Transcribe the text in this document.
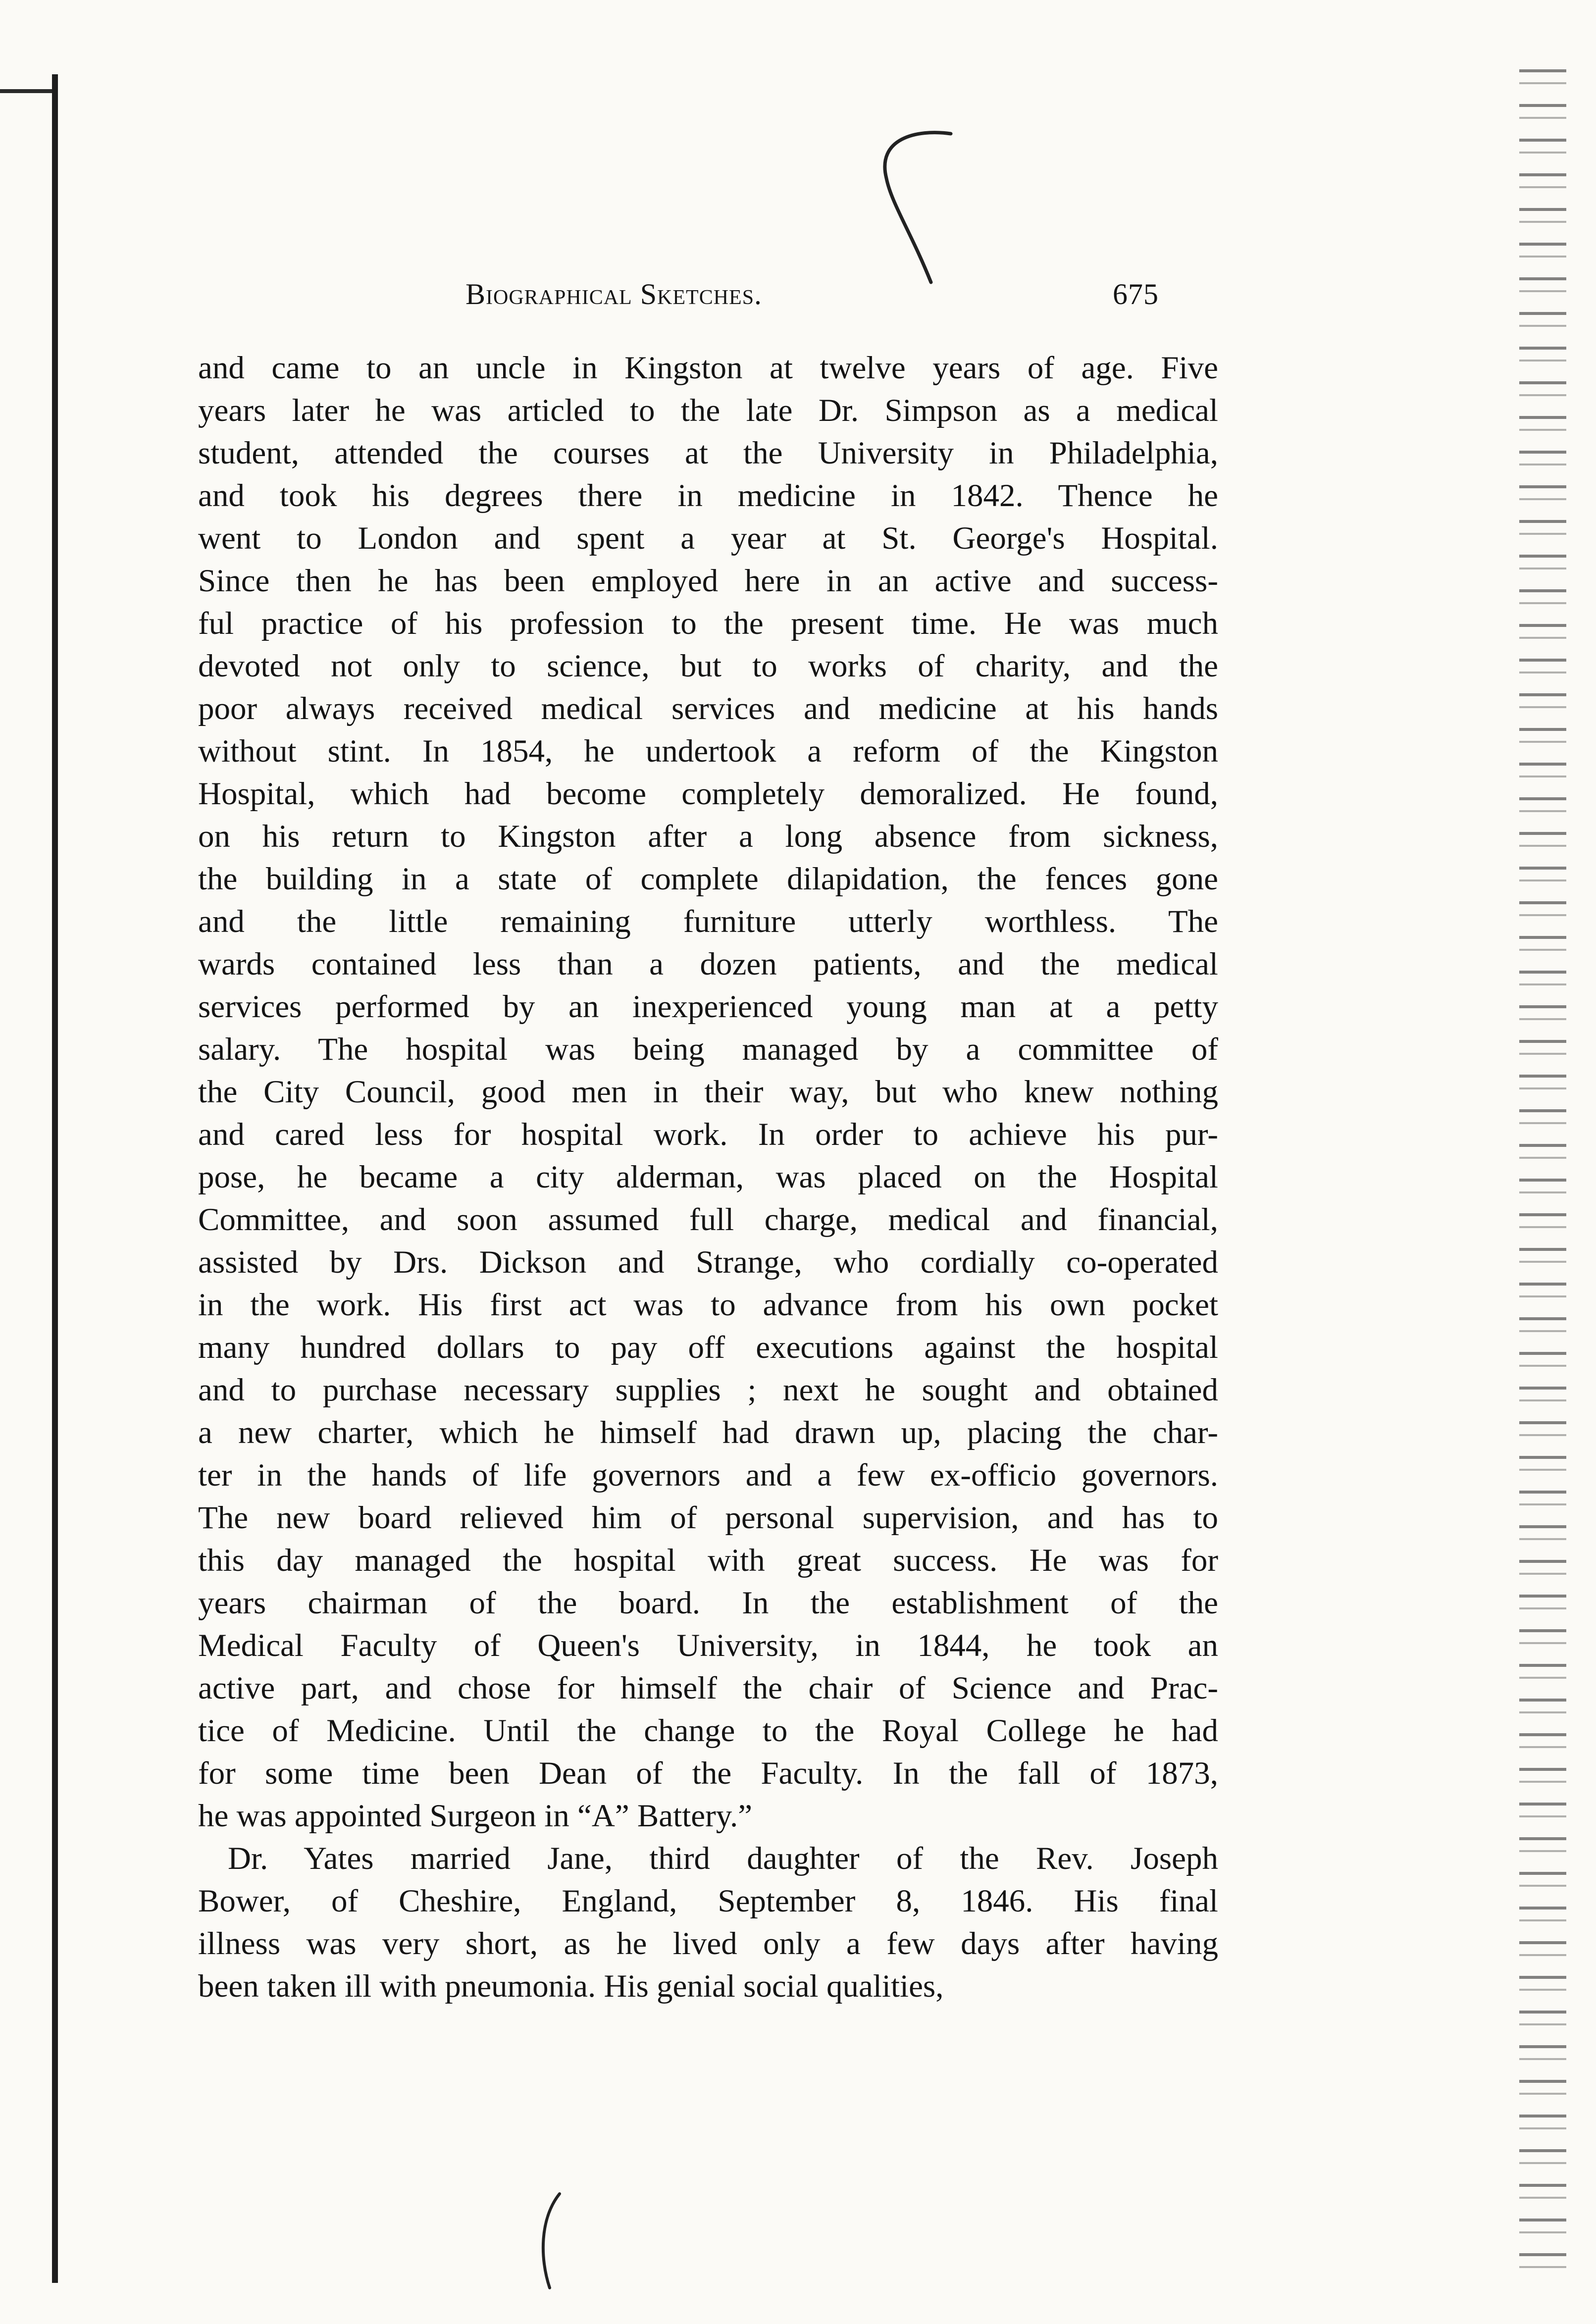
Biographical Sketches.	675
and came to an uncle in Kingston at twelve years of age. Five
years later he was articled to the late Dr. Simpson as a medical
student, attended the courses at the University in Philadelphia,
and took his degrees there in medicine in 1842. Thence he
went to London and spent a year at St. George's Hospital.
Since then he has been employed here in an active and success-
ful practice of his profession to the present time. He was much
devoted not only to science, but to works of charity, and the
poor always received medical services and medicine at his hands
without stint. In 1854, he undertook a reform of the Kingston
Hospital, which had become completely demoralized. He found,
on his return to Kingston after a long absence from sickness,
the building in a state of complete dilapidation, the fences gone
and the little remaining furniture utterly worthless. The
wards contained less than a dozen patients, and the medical
services performed by an inexperienced young man at a petty
salary. The hospital was being managed by a committee of
the City Council, good men in their way, but who knew nothing
and cared less for hospital work. In order to achieve his pur-
pose, he became a city alderman, was placed on the Hospital
Committee, and soon assumed full charge, medical and financial,
assisted by Drs. Dickson and Strange, who cordially co-operated
in the work. His first act was to advance from his own pocket
many hundred dollars to pay off executions against the hospital
and to purchase necessary supplies ; next he sought and obtained
a new charter, which he himself had drawn up, placing the char-
ter in the hands of life governors and a few ex-officio governors.
The new board relieved him of personal supervision, and has to
this day managed the hospital with great success. He was for
years chairman of the board. In the establishment of the
Medical Faculty of Queen's University, in 1844, he took an
active part, and chose for himself the chair of Science and Prac-
tice of Medicine. Until the change to the Royal College he had
for some time been Dean of the Faculty. In the fall of 1873,
he was appointed Surgeon in “A” Battery.”
Dr. Yates married Jane, third daughter of the Rev. Joseph
Bower, of Cheshire, England, September 8, 1846. His final
illness was very short, as he lived only a few days after having
been taken ill with pneumonia. His genial social qualities,
